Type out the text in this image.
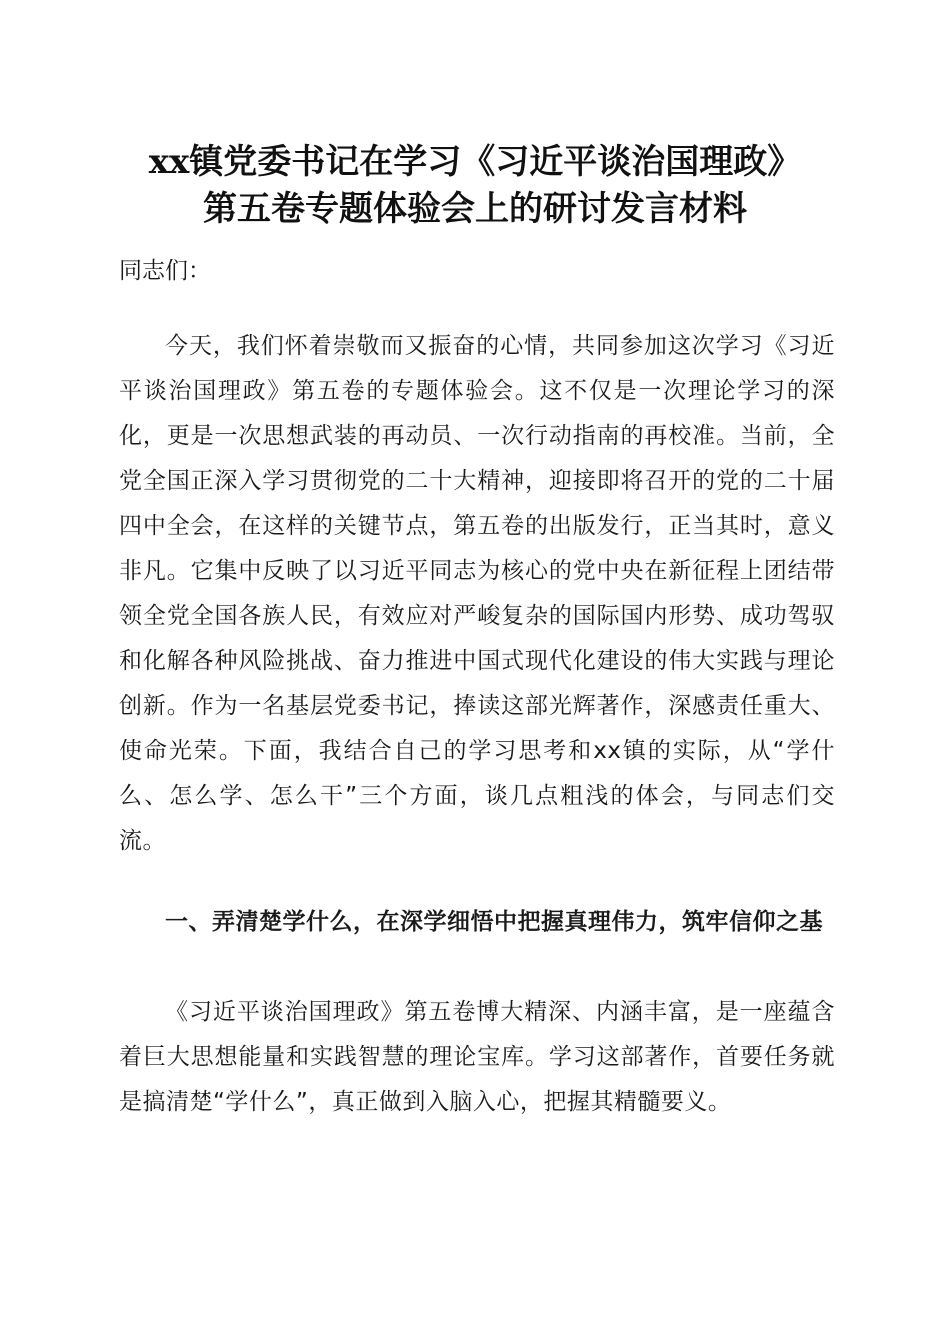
xx镇党委书记在学习《习近平谈治国理政》
第五卷专题体验会上的研讨发言材料
同志们：

今天，我们怀着崇敬而又振奋的心情，共同参加这次学习《习近平谈治国理政》第五卷的专题体验会。这不仅是一次理论学习的深化，更是一次思想武装的再动员、一次行动指南的再校准。当前，全党全国正深入学习贯彻党的二十大精神，迎接即将召开的党的二十届四中全会，在这样的关键节点，第五卷的出版发行，正当其时，意义非凡。它集中反映了以习近平同志为核心的党中央在新征程上团结带领全党全国各族人民，有效应对严峻复杂的国际国内形势、成功驾驭和化解各种风险挑战、奋力推进中国式现代化建设的伟大实践与理论创新。作为一名基层党委书记，捧读这部光辉著作，深感责任重大、使命光荣。下面，我结合自己的学习思考和xx镇的实际，从“学什么、怎么学、怎么干”三个方面，谈几点粗浅的体会，与同志们交流。

一、弄清楚学什么，在深学细悟中把握真理伟力，筑牢信仰之基

《习近平谈治国理政》第五卷博大精深、内涵丰富，是一座蕴含着巨大思想能量和实践智慧的理论宝库。学习这部著作，首要任务就是搞清楚“学什么”，真正做到入脑入心，把握其精髓要义。
